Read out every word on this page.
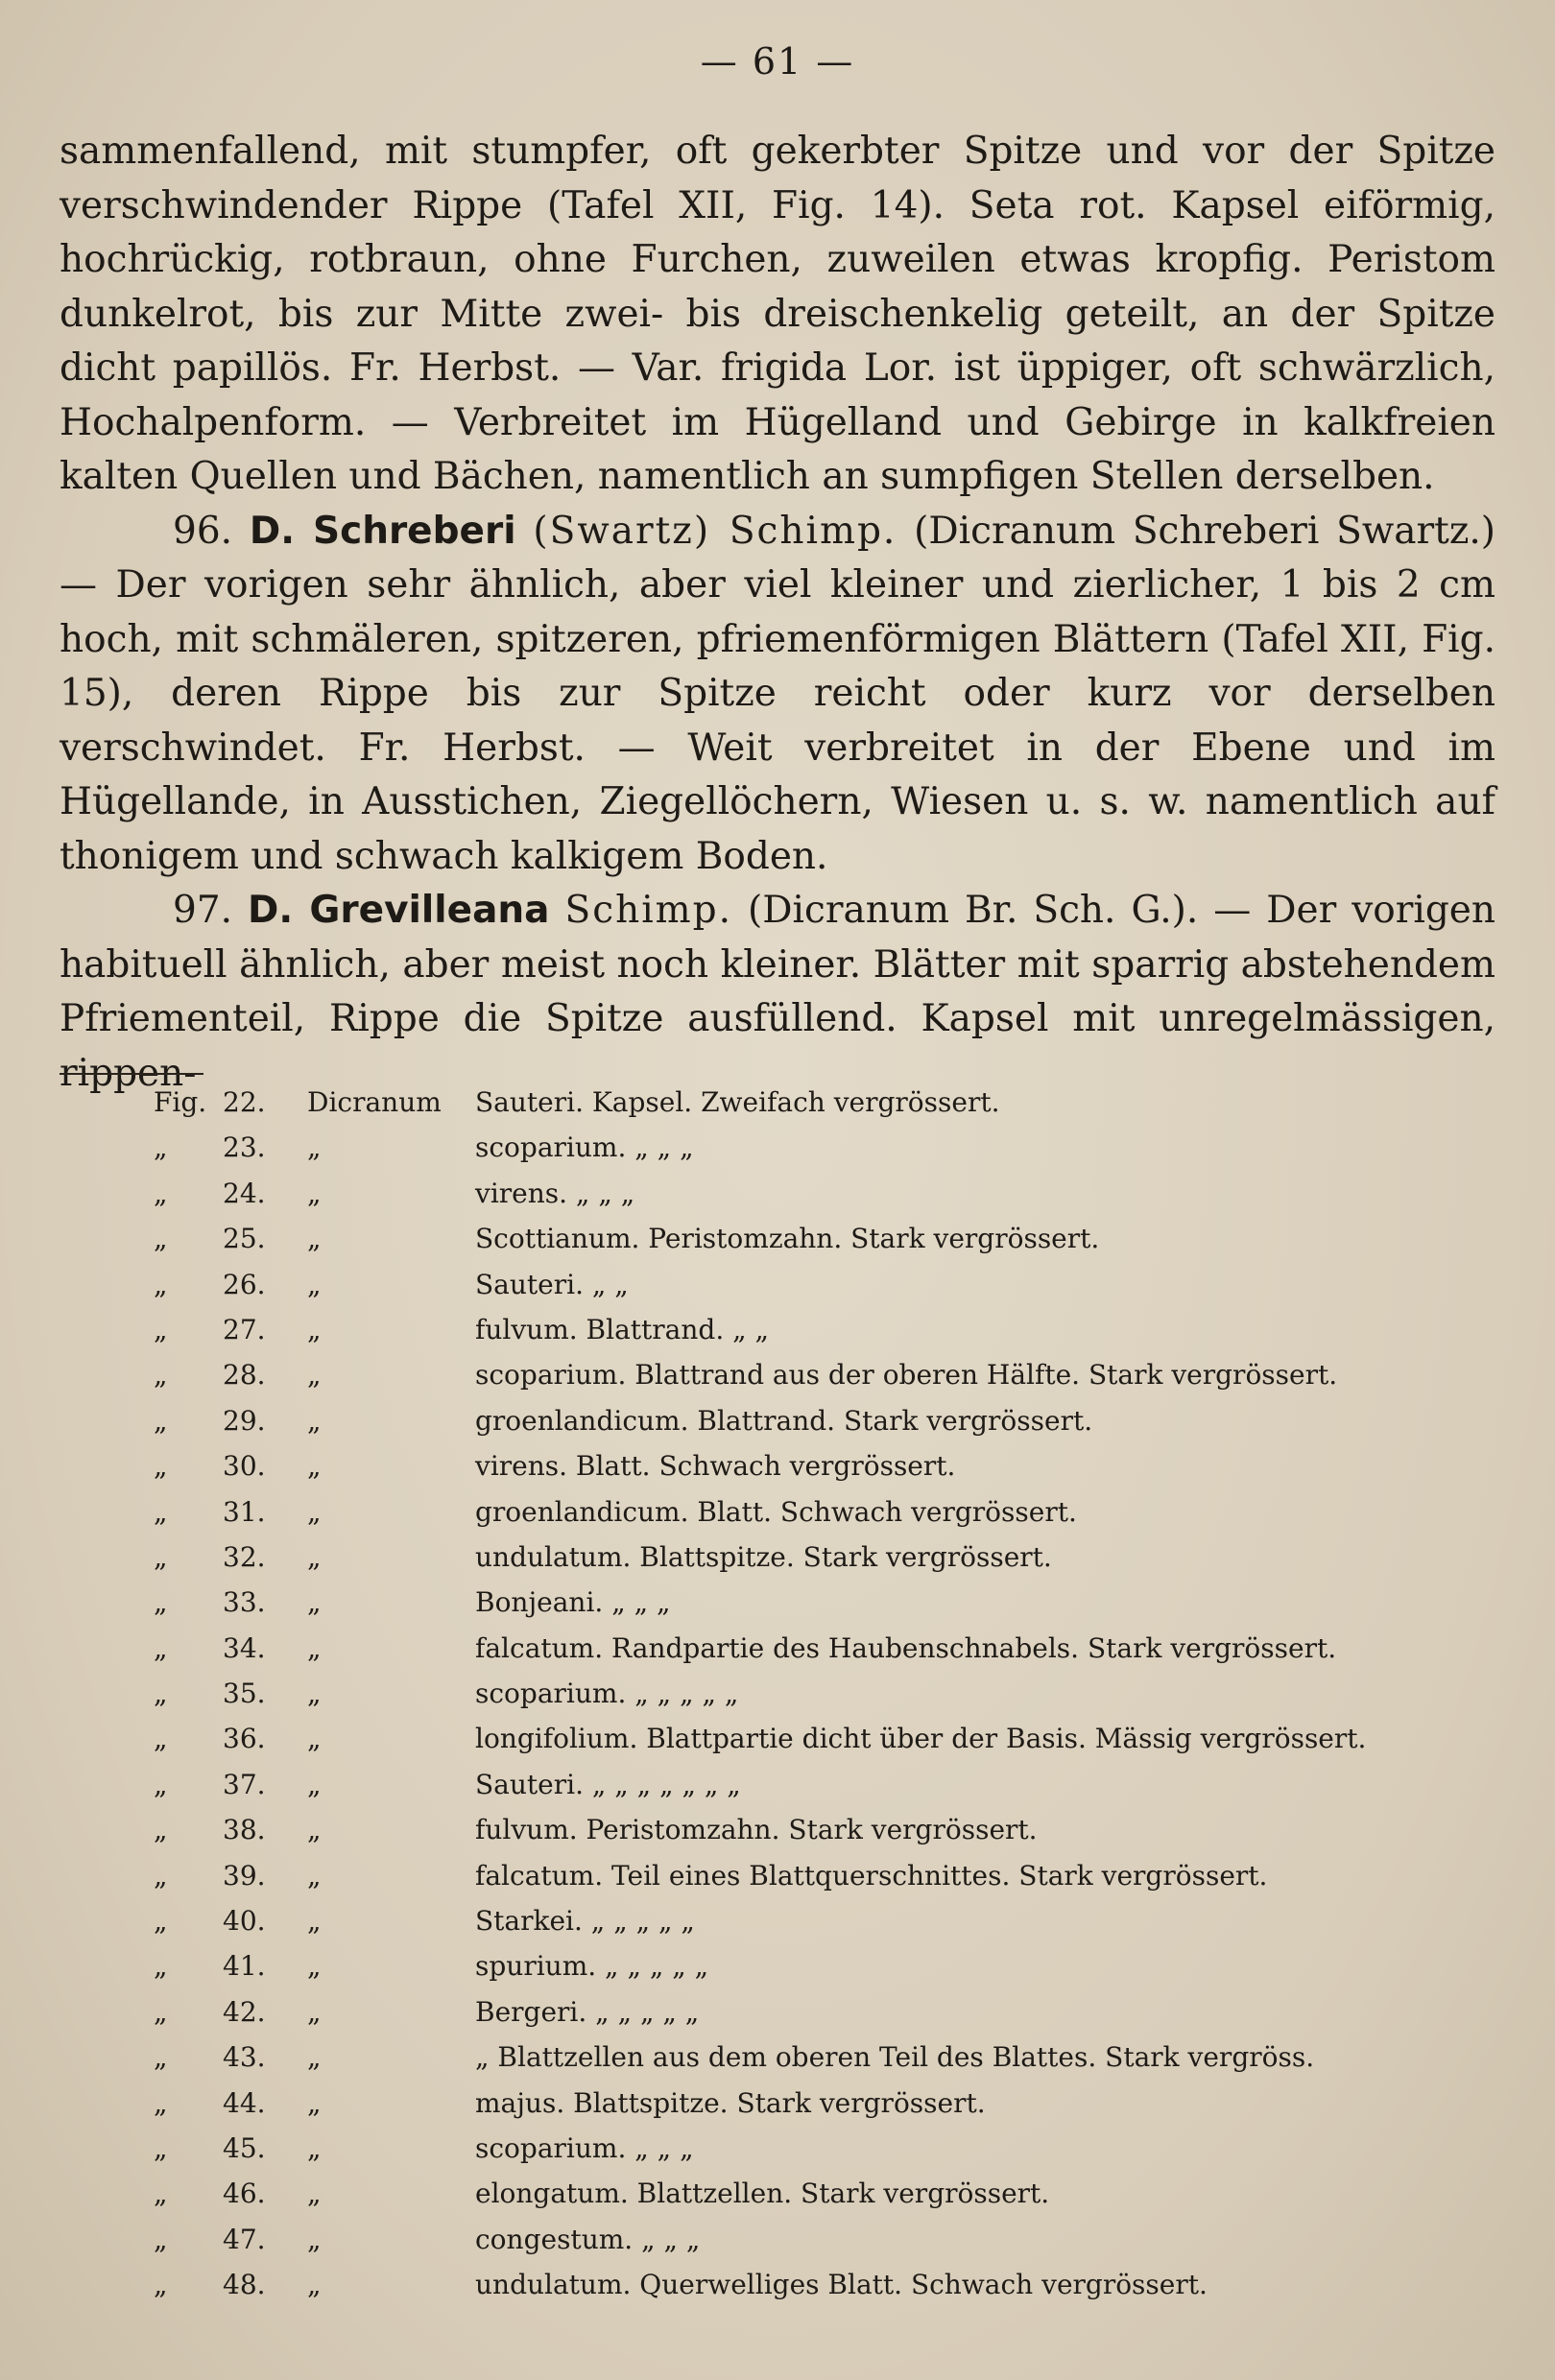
— 61 —

sammenfallend, mit stumpfer, oft gekerbter Spitze und vor der Spitze verschwindender Rippe (Tafel XII, Fig. 14). Seta rot. Kapsel eiförmig, hochrückig, rotbraun, ohne Furchen, zuweilen etwas kropfig. Peristom dunkelrot, bis zur Mitte zwei- bis dreischenkelig geteilt, an der Spitze dicht papillös. Fr. Herbst. — Var. frigida Lor. ist üppiger, oft schwärzlich, Hochalpenform. — Verbreitet im Hügelland und Gebirge in kalkfreien kalten Quellen und Bächen, namentlich an sumpfigen Stellen derselben.

96. D. Schreberi (Swartz) Schimp. (Dicranum Schreberi Swartz.) — Der vorigen sehr ähnlich, aber viel kleiner und zierlicher, 1 bis 2 cm hoch, mit schmäleren, spitzeren, pfriemenförmigen Blättern (Tafel XII, Fig. 15), deren Rippe bis zur Spitze reicht oder kurz vor derselben verschwindet. Fr. Herbst. — Weit verbreitet in der Ebene und im Hügellande, in Ausstichen, Ziegellöchern, Wiesen u. s. w. namentlich auf thonigem und schwach kalkigem Boden.

97. D. Grevilleana Schimp. (Dicranum Br. Sch. G.). — Der vorigen habituell ähnlich, aber meist noch kleiner. Blätter mit sparrig abstehendem Pfriementeil, Rippe die Spitze ausfüllend. Kapsel mit unregelmässigen, rippen-

Fig. 22. Dicranum Sauteri. Kapsel. Zweifach vergrössert.
„ 23. „	scoparium. „ „ „
„ 24. „	virens. „ „ „
„ 25. „	Scottianum. Peristomzahn. Stark vergrössert.
„ 26. „	Sauteri. „ „
„ 27. „	fulvum. Blattrand. „ „
„ 28. „	scoparium. Blattrand aus der oberen Hälfte. Stark vergrössert.
„ 29. „	groenlandicum. Blattrand. Stark vergrössert.
„ 30. „	virens. Blatt. Schwach vergrössert.
„ 31. „	groenlandicum. Blatt. Schwach vergrössert.
„ 32. „	undulatum. Blattspitze. Stark vergrössert.
„ 33. „	Bonjeani. „ „ „
„ 34. „	falcatum. Randpartie des Haubenschnabels. Stark vergrössert.
„ 35. „	scoparium. „ „ „ „ „
„ 36. „	longifolium. Blattpartie dicht über der Basis. Mässig vergrössert.
„ 37. „	Sauteri. „ „ „ „ „ „ „
„ 38. „	fulvum. Peristomzahn. Stark vergrössert.
„ 39. „	falcatum. Teil eines Blattquerschnittes. Stark vergrössert.
„ 40. „	Starkei. „ „ „ „ „
„ 41. „	spurium. „ „ „ „ „
„ 42. „	Bergeri. „ „ „ „ „
„ 43. „	„ Blattzellen aus dem oberen Teil des Blattes. Stark vergröss.
„ 44. „	majus. Blattspitze. Stark vergrössert.
„ 45. „	scoparium. „ „ „
„ 46. „	elongatum. Blattzellen. Stark vergrössert.
„ 47. „	congestum. „ „ „
„ 48. „	undulatum. Querwelliges Blatt. Schwach vergrössert.
